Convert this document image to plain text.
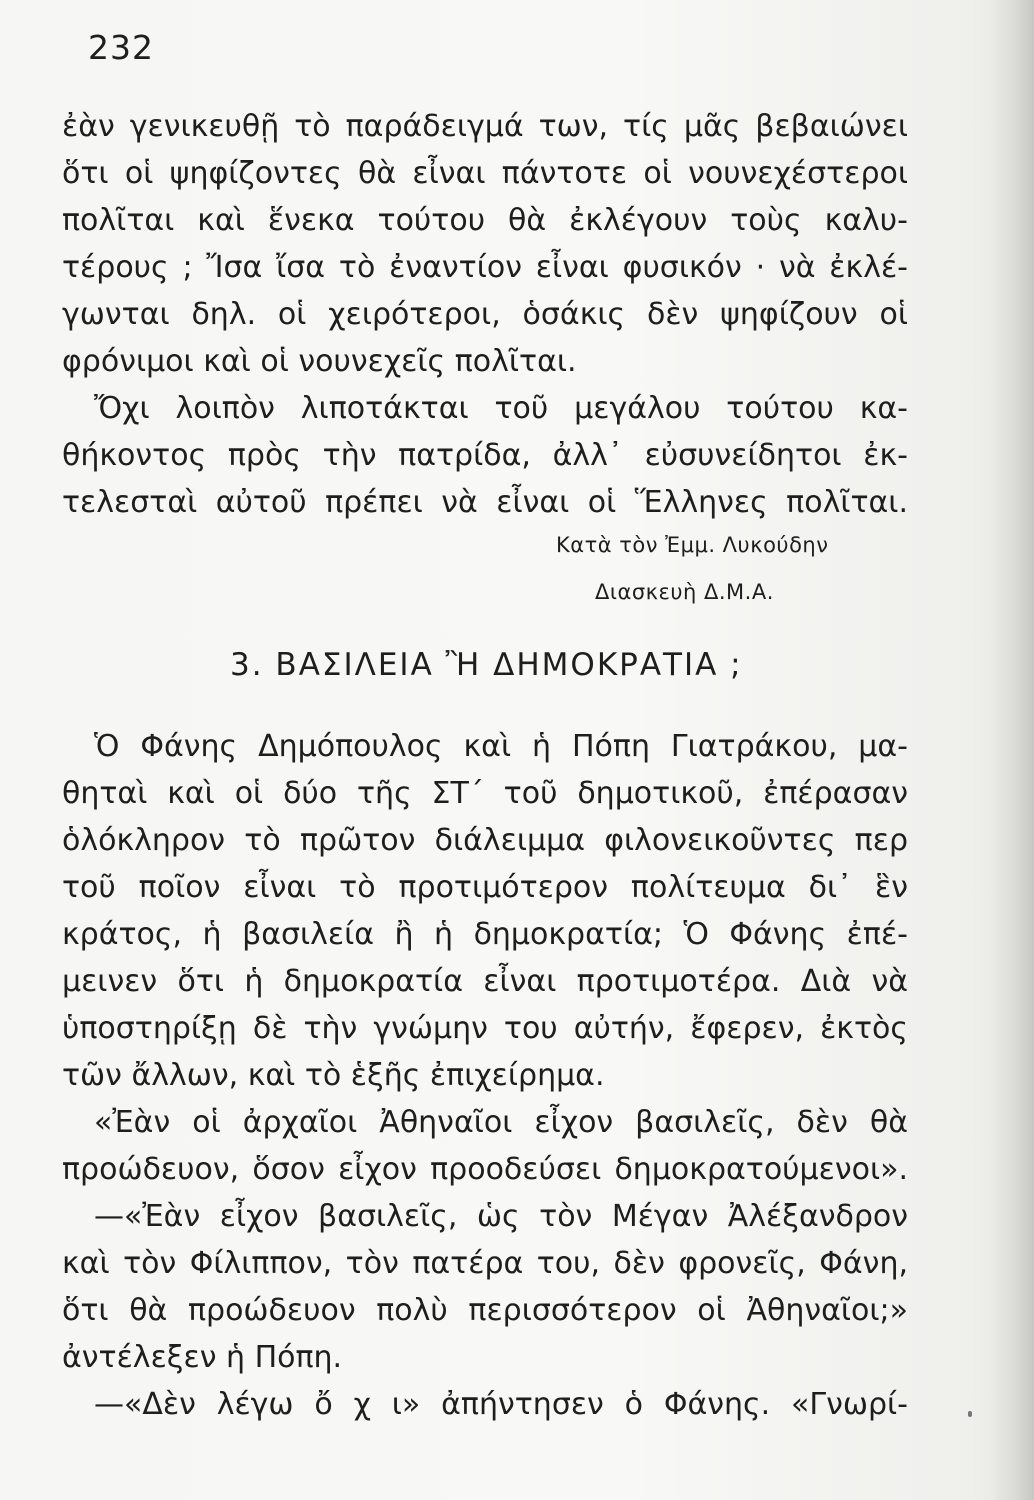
232
ἐὰν γενικευθῇ τὸ παράδειγμά των, τίς μᾶς βεβαιώνει
ὅτι οἱ ψηφίζοντες θὰ εἶναι πάντοτε οἱ νουνεχέστεροι
πολῖται καὶ ἕνεκα τούτου θὰ ἐκλέγουν τοὺς καλυ-
τέρους ; Ἴσα ἴσα τὸ ἐναντίον εἶναι φυσικόν · νὰ ἐκλέ-
γωνται δηλ. οἱ χειρότεροι, ὁσάκις δὲν ψηφίζουν οἱ
φρόνιμοι καὶ οἱ νουνεχεῖς πολῖται.
Ὄχι λοιπὸν λιποτάκται τοῦ μεγάλου τούτου κα-
θήκοντος πρὸς τὴν πατρίδα, ἀλλ᾽ εὐσυνείδητοι ἐκ-
τελεσταὶ αὐτοῦ πρέπει νὰ εἶναι οἱ Ἕλληνες πολῖται.
Κατὰ τὸν Ἐμμ. Λυκούδην
Διασκευὴ Δ.Μ.Α.
3. ΒΑΣΙΛΕΙΑ Ἢ ΔΗΜΟΚΡΑΤΙΑ ;
Ὁ Φάνης Δημόπουλος καὶ ἡ Πόπη Γιατράκου, μα-
θηταὶ καὶ οἱ δύο τῆς ΣΤ΄ τοῦ δημοτικοῦ, ἐπέρασαν
ὁλόκληρον τὸ πρῶτον διάλειμμα φιλονεικοῦντες περ
τοῦ ποῖον εἶναι τὸ προτιμότερον πολίτευμα δι᾽ ἓν
κράτος, ἡ βασιλεία ἢ ἡ δημοκρατία; Ὁ Φάνης ἐπέ-
μεινεν ὅτι ἡ δημοκρατία εἶναι προτιμοτέρα. Διὰ νὰ
ὑποστηρίξῃ δὲ τὴν γνώμην του αὐτήν, ἔφερεν, ἐκτὸς
τῶν ἄλλων, καὶ τὸ ἑξῆς ἐπιχείρημα.
«Ἐὰν οἱ ἀρχαῖοι Ἀθηναῖοι εἶχον βασιλεῖς, δὲν θὰ
προώδευον, ὅσον εἶχον προοδεύσει δημοκρατούμενοι».
—«Ἐὰν εἶχον βασιλεῖς, ὡς τὸν Μέγαν Ἀλέξανδρον
καὶ τὸν Φίλιππον, τὸν πατέρα του, δὲν φρονεῖς, Φάνη,
ὅτι θὰ προώδευον πολὺ περισσότερον οἱ Ἀθηναῖοι;»
ἀντέλεξεν ἡ Πόπη.
—«Δὲν λέγω ὄ χ ι» ἀπήντησεν ὁ Φάνης. «Γνωρί-
